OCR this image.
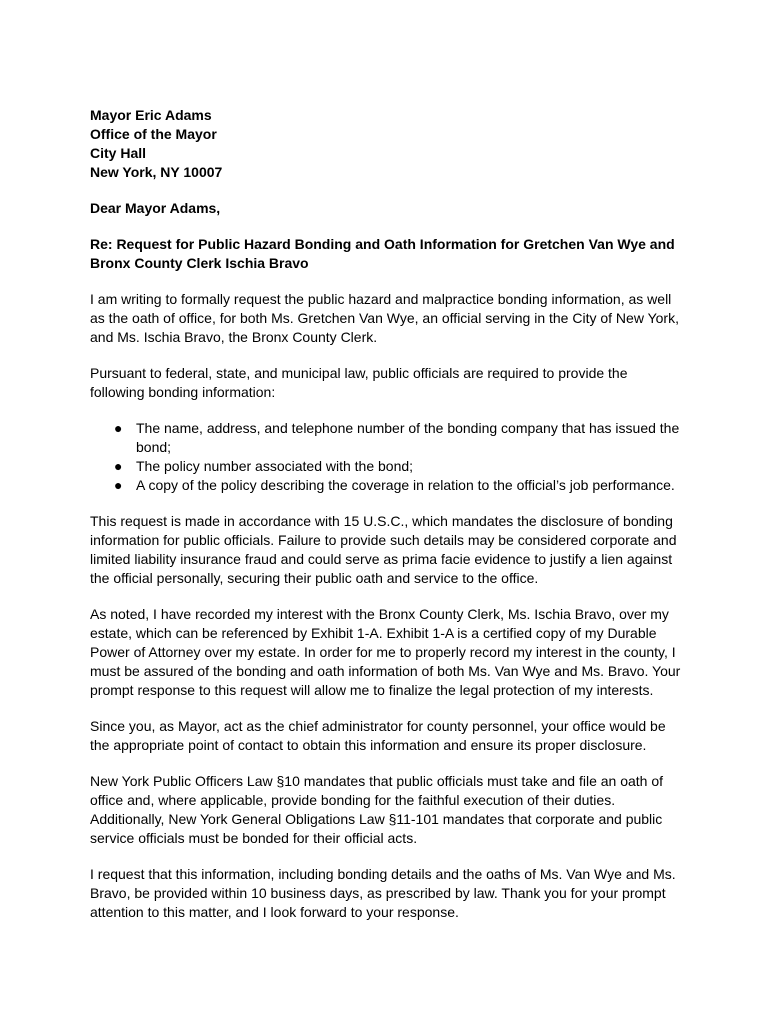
Mayor Eric Adams
Office of the Mayor
City Hall
New York, NY 10007
Dear Mayor Adams,
Re: Request for Public Hazard Bonding and Oath Information for Gretchen Van Wye and Bronx County Clerk Ischia Bravo

I am writing to formally request the public hazard and malpractice bonding information, as well as the oath of office, for both Ms. Gretchen Van Wye, an official serving in the City of New York, and Ms. Ischia Bravo, the Bronx County Clerk.

Pursuant to federal, state, and municipal law, public officials are required to provide the following bonding information:

● The name, address, and telephone number of the bonding company that has issued the bond;
● The policy number associated with the bond;
● A copy of the policy describing the coverage in relation to the official’s job performance.

This request is made in accordance with 15 U.S.C., which mandates the disclosure of bonding information for public officials. Failure to provide such details may be considered corporate and limited liability insurance fraud and could serve as prima facie evidence to justify a lien against the official personally, securing their public oath and service to the office.

As noted, I have recorded my interest with the Bronx County Clerk, Ms. Ischia Bravo, over my estate, which can be referenced by Exhibit 1-A. Exhibit 1-A is a certified copy of my Durable Power of Attorney over my estate. In order for me to properly record my interest in the county, I must be assured of the bonding and oath information of both Ms. Van Wye and Ms. Bravo. Your prompt response to this request will allow me to finalize the legal protection of my interests.

Since you, as Mayor, act as the chief administrator for county personnel, your office would be the appropriate point of contact to obtain this information and ensure its proper disclosure.

New York Public Officers Law §10 mandates that public officials must take and file an oath of office and, where applicable, provide bonding for the faithful execution of their duties. Additionally, New York General Obligations Law §11-101 mandates that corporate and public service officials must be bonded for their official acts.

I request that this information, including bonding details and the oaths of Ms. Van Wye and Ms. Bravo, be provided within 10 business days, as prescribed by law. Thank you for your prompt attention to this matter, and I look forward to your response.
